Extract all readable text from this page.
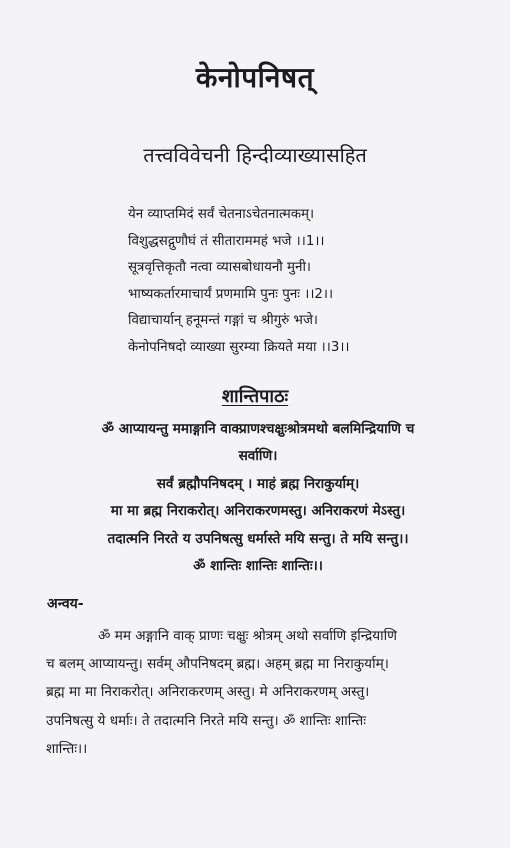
केनोपनिषत्
तत्त्वविवेचनी हिन्दीव्याख्यासहित
येन व्याप्तमिदं सर्वं चेतनाऽचेतनात्मकम्।
विशुद्धसद्गुणौघं तं सीताराममहं भजे ।।1।।
सूत्रवृत्तिकृतौ नत्वा व्यासबोधायनौ मुनी।
भाष्यकर्तारमाचार्यं प्रणमामि पुनः पुनः ।।2।।
विद्याचार्यान् हनूमन्तं गङ्गां च श्रीगुरुं भजे।
केनोपनिषदो व्याख्या सुरम्या क्रियते मया ।।3।।
शान्तिपाठः
ॐ आप्यायन्तु ममाङ्गानि वाक्प्राणश्चक्षुःश्रोत्रमथो बलमिन्द्रियाणि च
सर्वाणि।
सर्वं ब्रह्मौपनिषदम् । माहं ब्रह्म निराकुर्याम्।
मा मा ब्रह्म निराकरोत्। अनिराकरणमस्तु। अनिराकरणं मेऽस्तु।
तदात्मनि निरते य उपनिषत्सु धर्मास्ते मयि सन्तु। ते मयि सन्तु।।
ॐ शान्तिः शान्तिः शान्तिः।।
अन्वय-
ॐ मम अङ्गानि वाक् प्राणः चक्षुः श्रोत्रम् अथो सर्वाणि इन्द्रियाणि
च बलम् आप्यायन्तु। सर्वम् औपनिषदम् ब्रह्म। अहम् ब्रह्म मा निराकुर्याम्।
ब्रह्म मा मा निराकरोत्। अनिराकरणम् अस्तु। मे अनिराकरणम् अस्तु।
उपनिषत्सु ये धर्माः। ते तदात्मनि निरते मयि सन्तु। ॐ शान्तिः शान्तिः
शान्तिः।।
